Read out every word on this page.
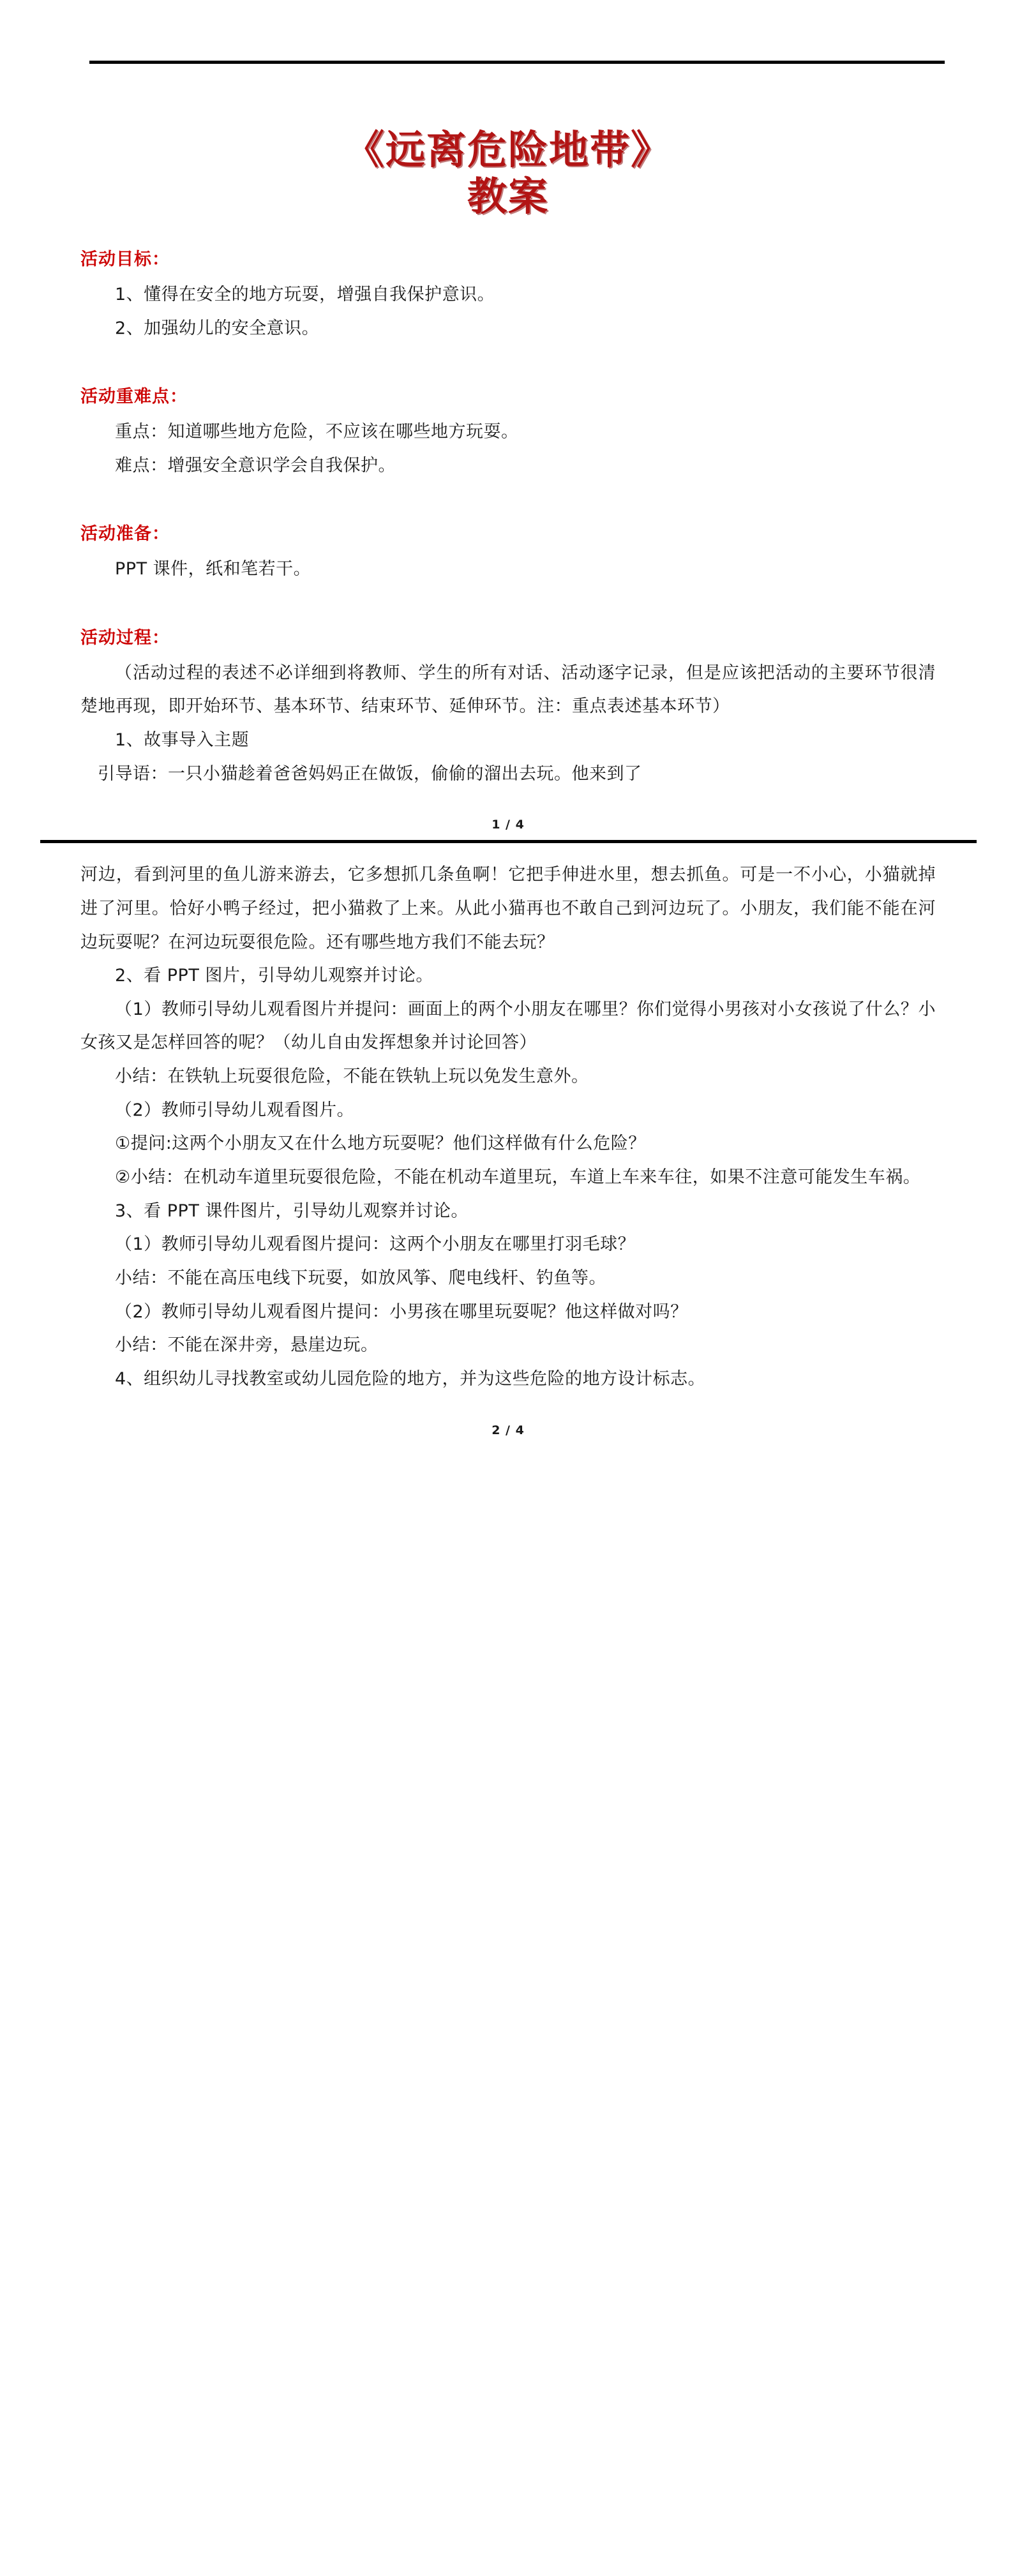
《远离危险地带》
教案

活动目标：

1、懂得在安全的地方玩耍，增强自我保护意识。

2、加强幼儿的安全意识。

活动重难点：

重点：知道哪些地方危险，不应该在哪些地方玩耍。

难点：增强安全意识学会自我保护。

活动准备：

PPT 课件，纸和笔若干。

活动过程：

（活动过程的表述不必详细到将教师、学生的所有对话、活动逐字记录，但是应该把活动的主要环节很清楚地再现，即开始环节、基本环节、结束环节、延伸环节。注：重点表述基本环节）

1、故事导入主题

引导语：一只小猫趁着爸爸妈妈正在做饭，偷偷的溜出去玩。他来到了

1 / 4

河边，看到河里的鱼儿游来游去，它多想抓几条鱼啊！它把手伸进水里，想去抓鱼。可是一不小心，小猫就掉进了河里。恰好小鸭子经过，把小猫救了上来。从此小猫再也不敢自己到河边玩了。小朋友，我们能不能在河边玩耍呢？在河边玩耍很危险。还有哪些地方我们不能去玩？

2、看 PPT 图片，引导幼儿观察并讨论。

（1）教师引导幼儿观看图片并提问：画面上的两个小朋友在哪里？你们觉得小男孩对小女孩说了什么？小女孩又是怎样回答的呢？（幼儿自由发挥想象并讨论回答）

小结：在铁轨上玩耍很危险，不能在铁轨上玩以免发生意外。

（2）教师引导幼儿观看图片。

①提问:这两个小朋友又在什么地方玩耍呢？他们这样做有什么危险？

②小结：在机动车道里玩耍很危险，不能在机动车道里玩，车道上车来车往，如果不注意可能发生车祸。

3、看 PPT 课件图片，引导幼儿观察并讨论。

（1）教师引导幼儿观看图片提问：这两个小朋友在哪里打羽毛球？

小结：不能在高压电线下玩耍，如放风筝、爬电线杆、钓鱼等。

（2）教师引导幼儿观看图片提问：小男孩在哪里玩耍呢？他这样做对吗？

小结：不能在深井旁，悬崖边玩。

4、组织幼儿寻找教室或幼儿园危险的地方，并为这些危险的地方设计标志。

2 / 4
